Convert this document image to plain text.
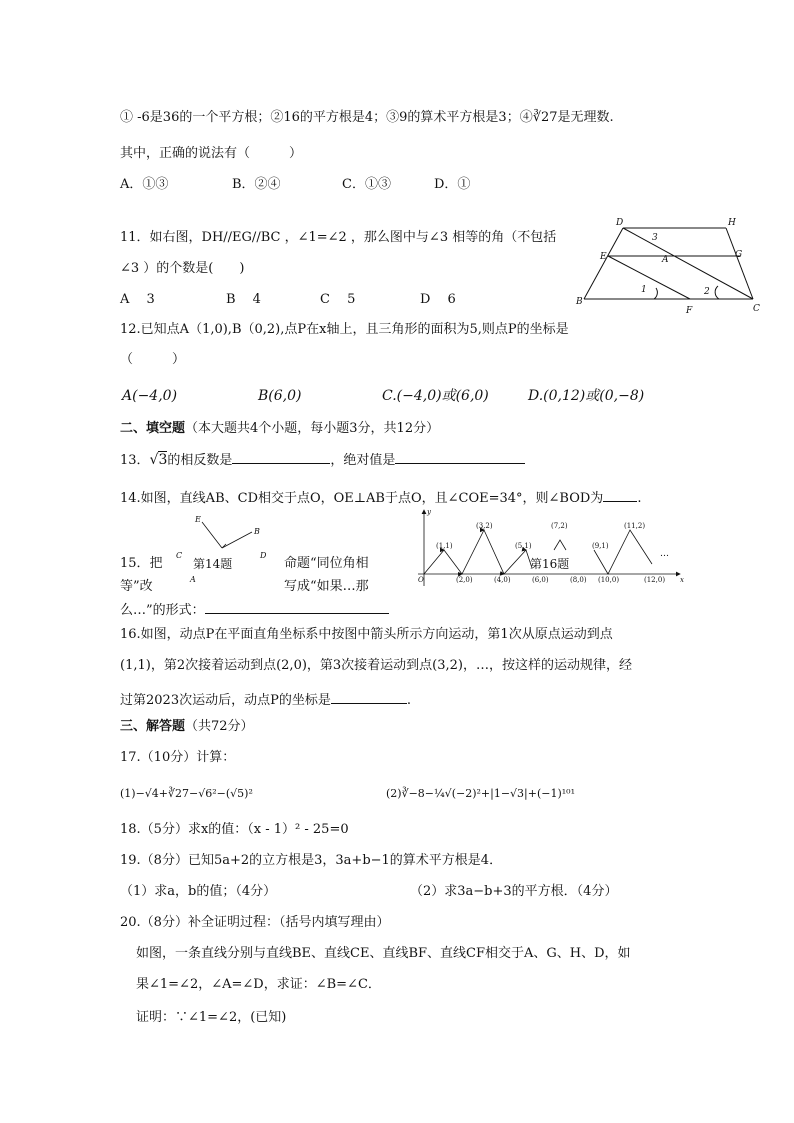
① -6是36的一个平方根；②16的平方根是4；③9的算术平方根是3；④∛27是无理数.
其中，正确的说法有（　　　）
A．①③	B．②④	C．①③	D．①
11．如右图，DH//EG//BC ，∠1=∠2 ，那么图中与∠3 相等的角（不包括
∠3 ）的个数是(　　)
A　 3	B　 4	C　 5	D　 6
D	H
E	G
A
B
F	C
1	2
3
12.已知点A（1,0),B（0,2),点P在x轴上，且三角形的面积为5,则点P的坐标是
（　　　）
A(−4,0)	B(6,0)	C.(−4,0)或(6,0)	D.(0,12)或(0,−8)
二、填空题（本大题共4个小题，每小题3分，共12分）
13．√3的相反数是	，绝对值是
14.如图，直线AB、CD相交于点O，OE⊥AB于点O，且∠COE=34°，则∠BOD为	.
E
B
C	D
A
第14题
15．把	命题“同位角相
等”改	写成“如果…那
么…”的形式：
(1,1)
(2,0)
(3,2)
(4,0)
(5,1)
(6,0)
(7,2)
(8,0)
(9,1)
(10,0)
(11,2)
(12,0)
O	x
y
…
第16题
16.如图，动点P在平面直角坐标系中按图中箭头所示方向运动，第1次从原点运动到点
(1,1)，第2次接着运动到点(2,0)，第3次接着运动到点(3,2)，…，按这样的运动规律，经
过第2023次运动后，动点P的坐标是	.
三、解答题（共72分）
17.（10分）计算：
(1)−√4+∛27−√6²−(√5)²	(2)∛−8−¼√(−2)²+|1−√3|+(−1)¹⁰¹
18.（5分）求x的值：（x - 1）² - 25=0
19.（8分）已知5a+2的立方根是3，3a+b−1的算术平方根是4．
（1）求a，b的值；（4分）	（2）求3a−b+3的平方根．（4分）
20.（8分）补全证明过程：（括号内填写理由）
如图，一条直线分别与直线BE、直线CE、直线BF、直线CF相交于A、G、H、D，如
果∠1=∠2，∠A=∠D，求证：∠B=∠C．
证明：∵∠1=∠2，(已知)
